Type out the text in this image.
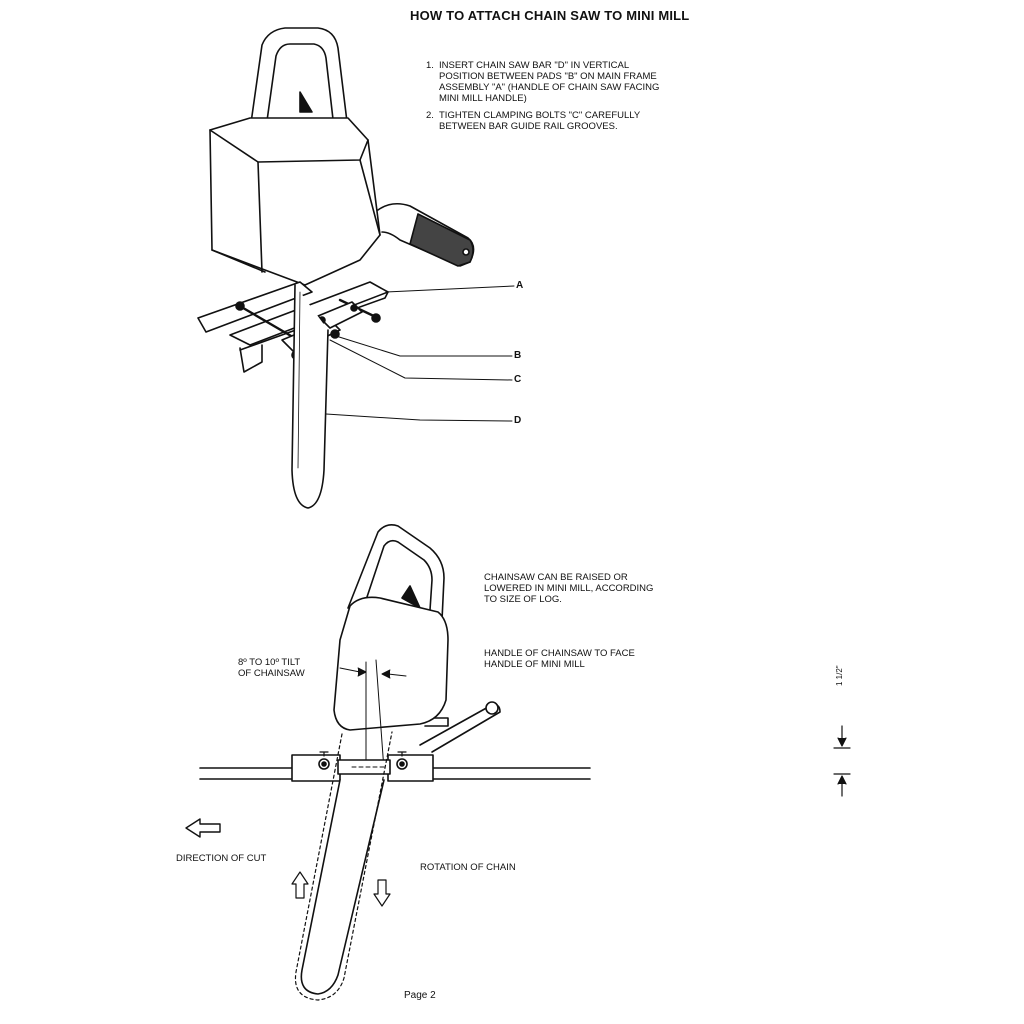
HOW TO ATTACH CHAIN SAW TO MINI MILL
1. INSERT CHAIN SAW BAR "D" IN VERTICAL POSITION BETWEEN PADS "B" ON MAIN FRAME ASSEMBLY "A" (HANDLE OF CHAIN SAW FACING MINI MILL HANDLE)
2. TIGHTEN CLAMPING BOLTS "C" CAREFULLY BETWEEN BAR GUIDE RAIL GROOVES.
A
B
C
D
CHAINSAW CAN BE RAISED OR
LOWERED IN MINI MILL, ACCORDING
TO SIZE OF LOG.
HANDLE OF CHAINSAW TO FACE
HANDLE OF MINI MILL
8º TO 10º TILT
OF CHAINSAW
DIRECTION OF CUT
ROTATION OF CHAIN
1 1/2"
Page 2
